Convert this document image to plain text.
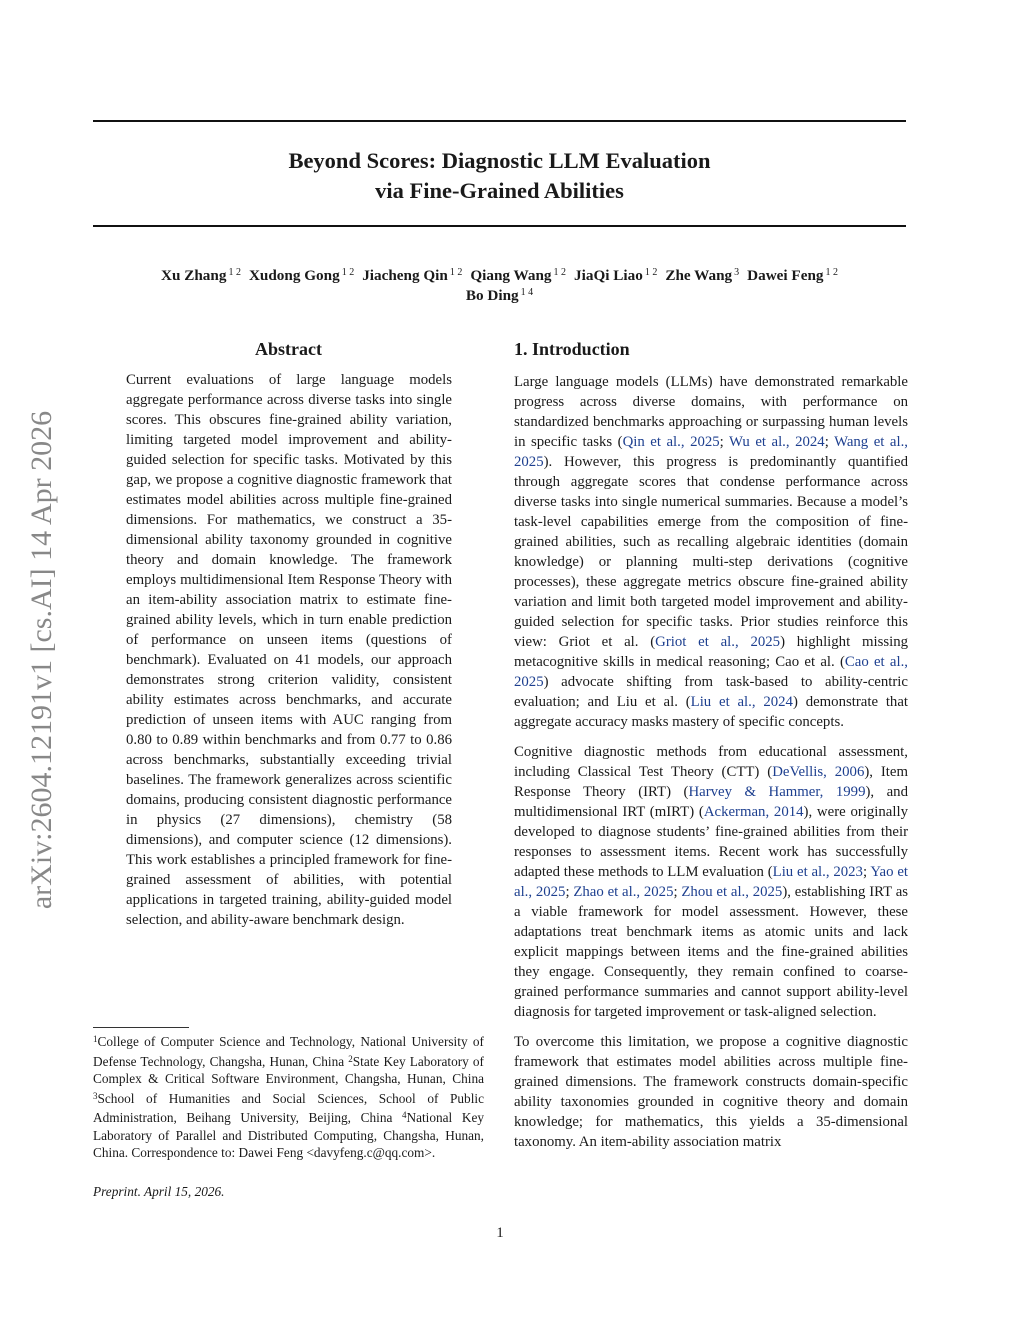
Beyond Scores: Diagnostic LLM Evaluation
via Fine-Grained Abilities
Xu Zhang $^{1 2}$ Xudong Gong $^{1 2}$ Jiacheng Qin $^{1 2}$ Qiang Wang $^{1 2}$ JiaQi Liao $^{1 2}$ Zhe Wang $^3$ Dawei Feng $^{1 2}$
Bo Ding $^{1 4}$
arXiv:2604.12191v1 [cs.AI] 14 Apr 2026
Abstract

Current evaluations of large language models aggregate performance across diverse tasks into single scores. This obscures fine-grained ability variation, limiting targeted model improvement and ability-guided selection for specific tasks. Motivated by this gap, we propose a cognitive diagnostic framework that estimates model abilities across multiple fine-grained dimensions. For mathematics, we construct a 35-dimensional ability taxonomy grounded in cognitive theory and domain knowledge. The framework employs multidimensional Item Response Theory with an item-ability association matrix to estimate fine-grained ability levels, which in turn enable prediction of performance on unseen items (questions of benchmark). Evaluated on 41 models, our approach demonstrates strong criterion validity, consistent ability estimates across benchmarks, and accurate prediction of unseen items with AUC ranging from 0.80 to 0.89 within benchmarks and from 0.77 to 0.86 across benchmarks, substantially exceeding trivial baselines. The framework generalizes across scientific domains, producing consistent diagnostic performance in physics (27 dimensions), chemistry (58 dimensions), and computer science (12 dimensions). This work establishes a principled framework for fine-grained assessment of abilities, with potential applications in targeted training, ability-guided model selection, and ability-aware benchmark design.

$^1$College of Computer Science and Technology, National University of Defense Technology, Changsha, Hunan, China $^2$State Key Laboratory of Complex & Critical Software Environment, Changsha, Hunan, China $^3$School of Humanities and Social Sciences, School of Public Administration, Beihang University, Beijing, China $^4$National Key Laboratory of Parallel and Distributed Computing, Changsha, Hunan, China. Correspondence to: Dawei Feng <davyfeng.c@qq.com>.

Preprint. April 15, 2026.
1. Introduction

Large language models (LLMs) have demonstrated remarkable progress across diverse domains, with performance on standardized benchmarks approaching or surpassing human levels in specific tasks (Qin et al., 2025; Wu et al., 2024; Wang et al., 2025). However, this progress is predominantly quantified through aggregate scores that condense performance across diverse tasks into single numerical summaries. Because a model’s task-level capabilities emerge from the composition of fine-grained abilities, such as recalling algebraic identities (domain knowledge) or planning multi-step derivations (cognitive processes), these aggregate metrics obscure fine-grained ability variation and limit both targeted model improvement and ability-guided selection for specific tasks. Prior studies reinforce this view: Griot et al. (Griot et al., 2025) highlight missing metacognitive skills in medical reasoning; Cao et al. (Cao et al., 2025) advocate shifting from task-based to ability-centric evaluation; and Liu et al. (Liu et al., 2024) demonstrate that aggregate accuracy masks mastery of specific concepts.

Cognitive diagnostic methods from educational assessment, including Classical Test Theory (CTT) (DeVellis, 2006), Item Response Theory (IRT) (Harvey & Hammer, 1999), and multidimensional IRT (mIRT) (Ackerman, 2014), were originally developed to diagnose students’ fine-grained abilities from their responses to assessment items. Recent work has successfully adapted these methods to LLM evaluation (Liu et al., 2023; Yao et al., 2025; Zhao et al., 2025; Zhou et al., 2025), establishing IRT as a viable framework for model assessment. However, these adaptations treat benchmark items as atomic units and lack explicit mappings between items and the fine-grained abilities they engage. Consequently, they remain confined to coarse-grained performance summaries and cannot support ability-level diagnosis for targeted improvement or task-aligned selection.

To overcome this limitation, we propose a cognitive diagnostic framework that estimates model abilities across multiple fine-grained dimensions. The framework constructs domain-specific ability taxonomies grounded in cognitive theory and domain knowledge; for mathematics, this yields a 35-dimensional taxonomy. An item-ability association matrix

1
